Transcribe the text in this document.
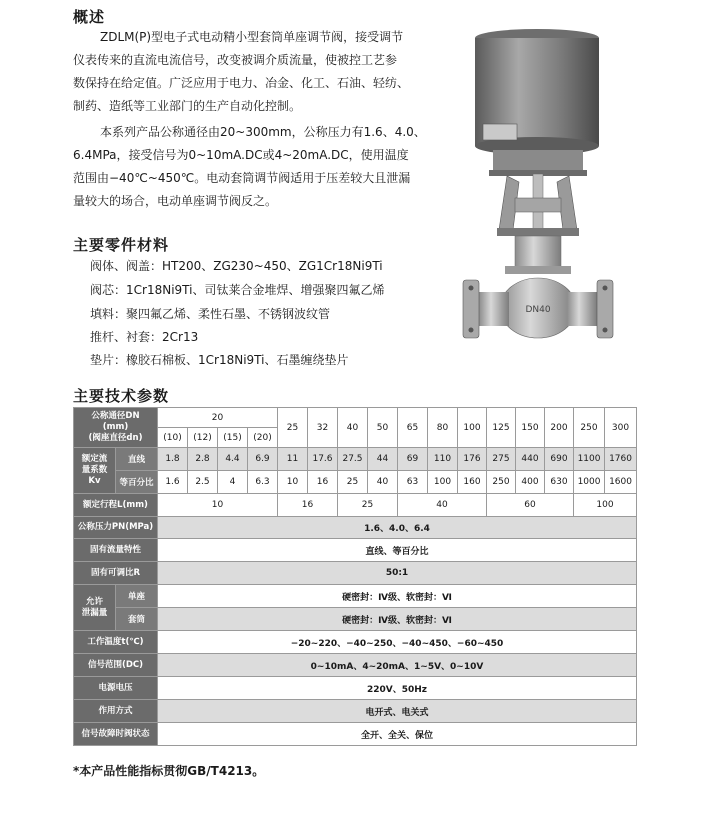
概述
ZDLM(P)型电子式电动精小型套筒单座调节阀，接受调节
仪表传来的直流电流信号，改变被调介质流量，使被控工艺参
数保持在给定值。广泛应用于电力、冶金、化工、石油、轻纺、
制药、造纸等工业部门的生产自动化控制。
本系列产品公称通径由20~300mm，公称压力有1.6、4.0、
6.4MPa，接受信号为0~10mA.DC或4~20mA.DC，使用温度
范围由−40℃~450℃。电动套筒调节阀适用于压差较大且泄漏
量较大的场合，电动单座调节阀反之。
主要零件材料
阀体、阀盖：HT200、ZG230~450、ZG1Cr18Ni9Ti
阀芯：1Cr18Ni9Ti、司钛莱合金堆焊、增强聚四氟乙烯
填料：聚四氟乙烯、柔性石墨、不锈钢波纹管
推杆、衬套：2Cr13
垫片：橡胶石棉板、1Cr18Ni9Ti、石墨缠绕垫片
DN40
主要技术参数
公称通径DN
(mm)
(阀座直径dn)		20				25	32	40	50	65	80	100	125	150	200	250	300
		(10)	(12)	(15)	(20)												
额定流
量系数
Kv	直线	1.8	2.8	4.4	6.9	11	17.6	27.5	44	69	110	176	275	440	690	1100	1760
	等百分比	1.6	2.5	4	6.3	10	16	25	40	63	100	160	250	400	630	1000	1600
额定行程L(mm)		10				16		25		40			60			100	
公称压力PN(MPa)		1.6、4.0、6.4															
固有流量特性		直线、等百分比															
固有可调比R		50:1															
允许
泄漏量	单座	硬密封：Ⅳ级、软密封：Ⅵ															
	套筒	硬密封：Ⅳ级、软密封：Ⅵ															
工作温度t(℃)		−20~220、−40~250、−40~450、−60~450															
信号范围(DC)		0~10mA、4~20mA、1~5V、0~10V															
电源电压		220V、50Hz															
作用方式		电开式、电关式															
信号故障时阀状态		全开、全关、保位															
*本产品性能指标贯彻GB/T4213。
